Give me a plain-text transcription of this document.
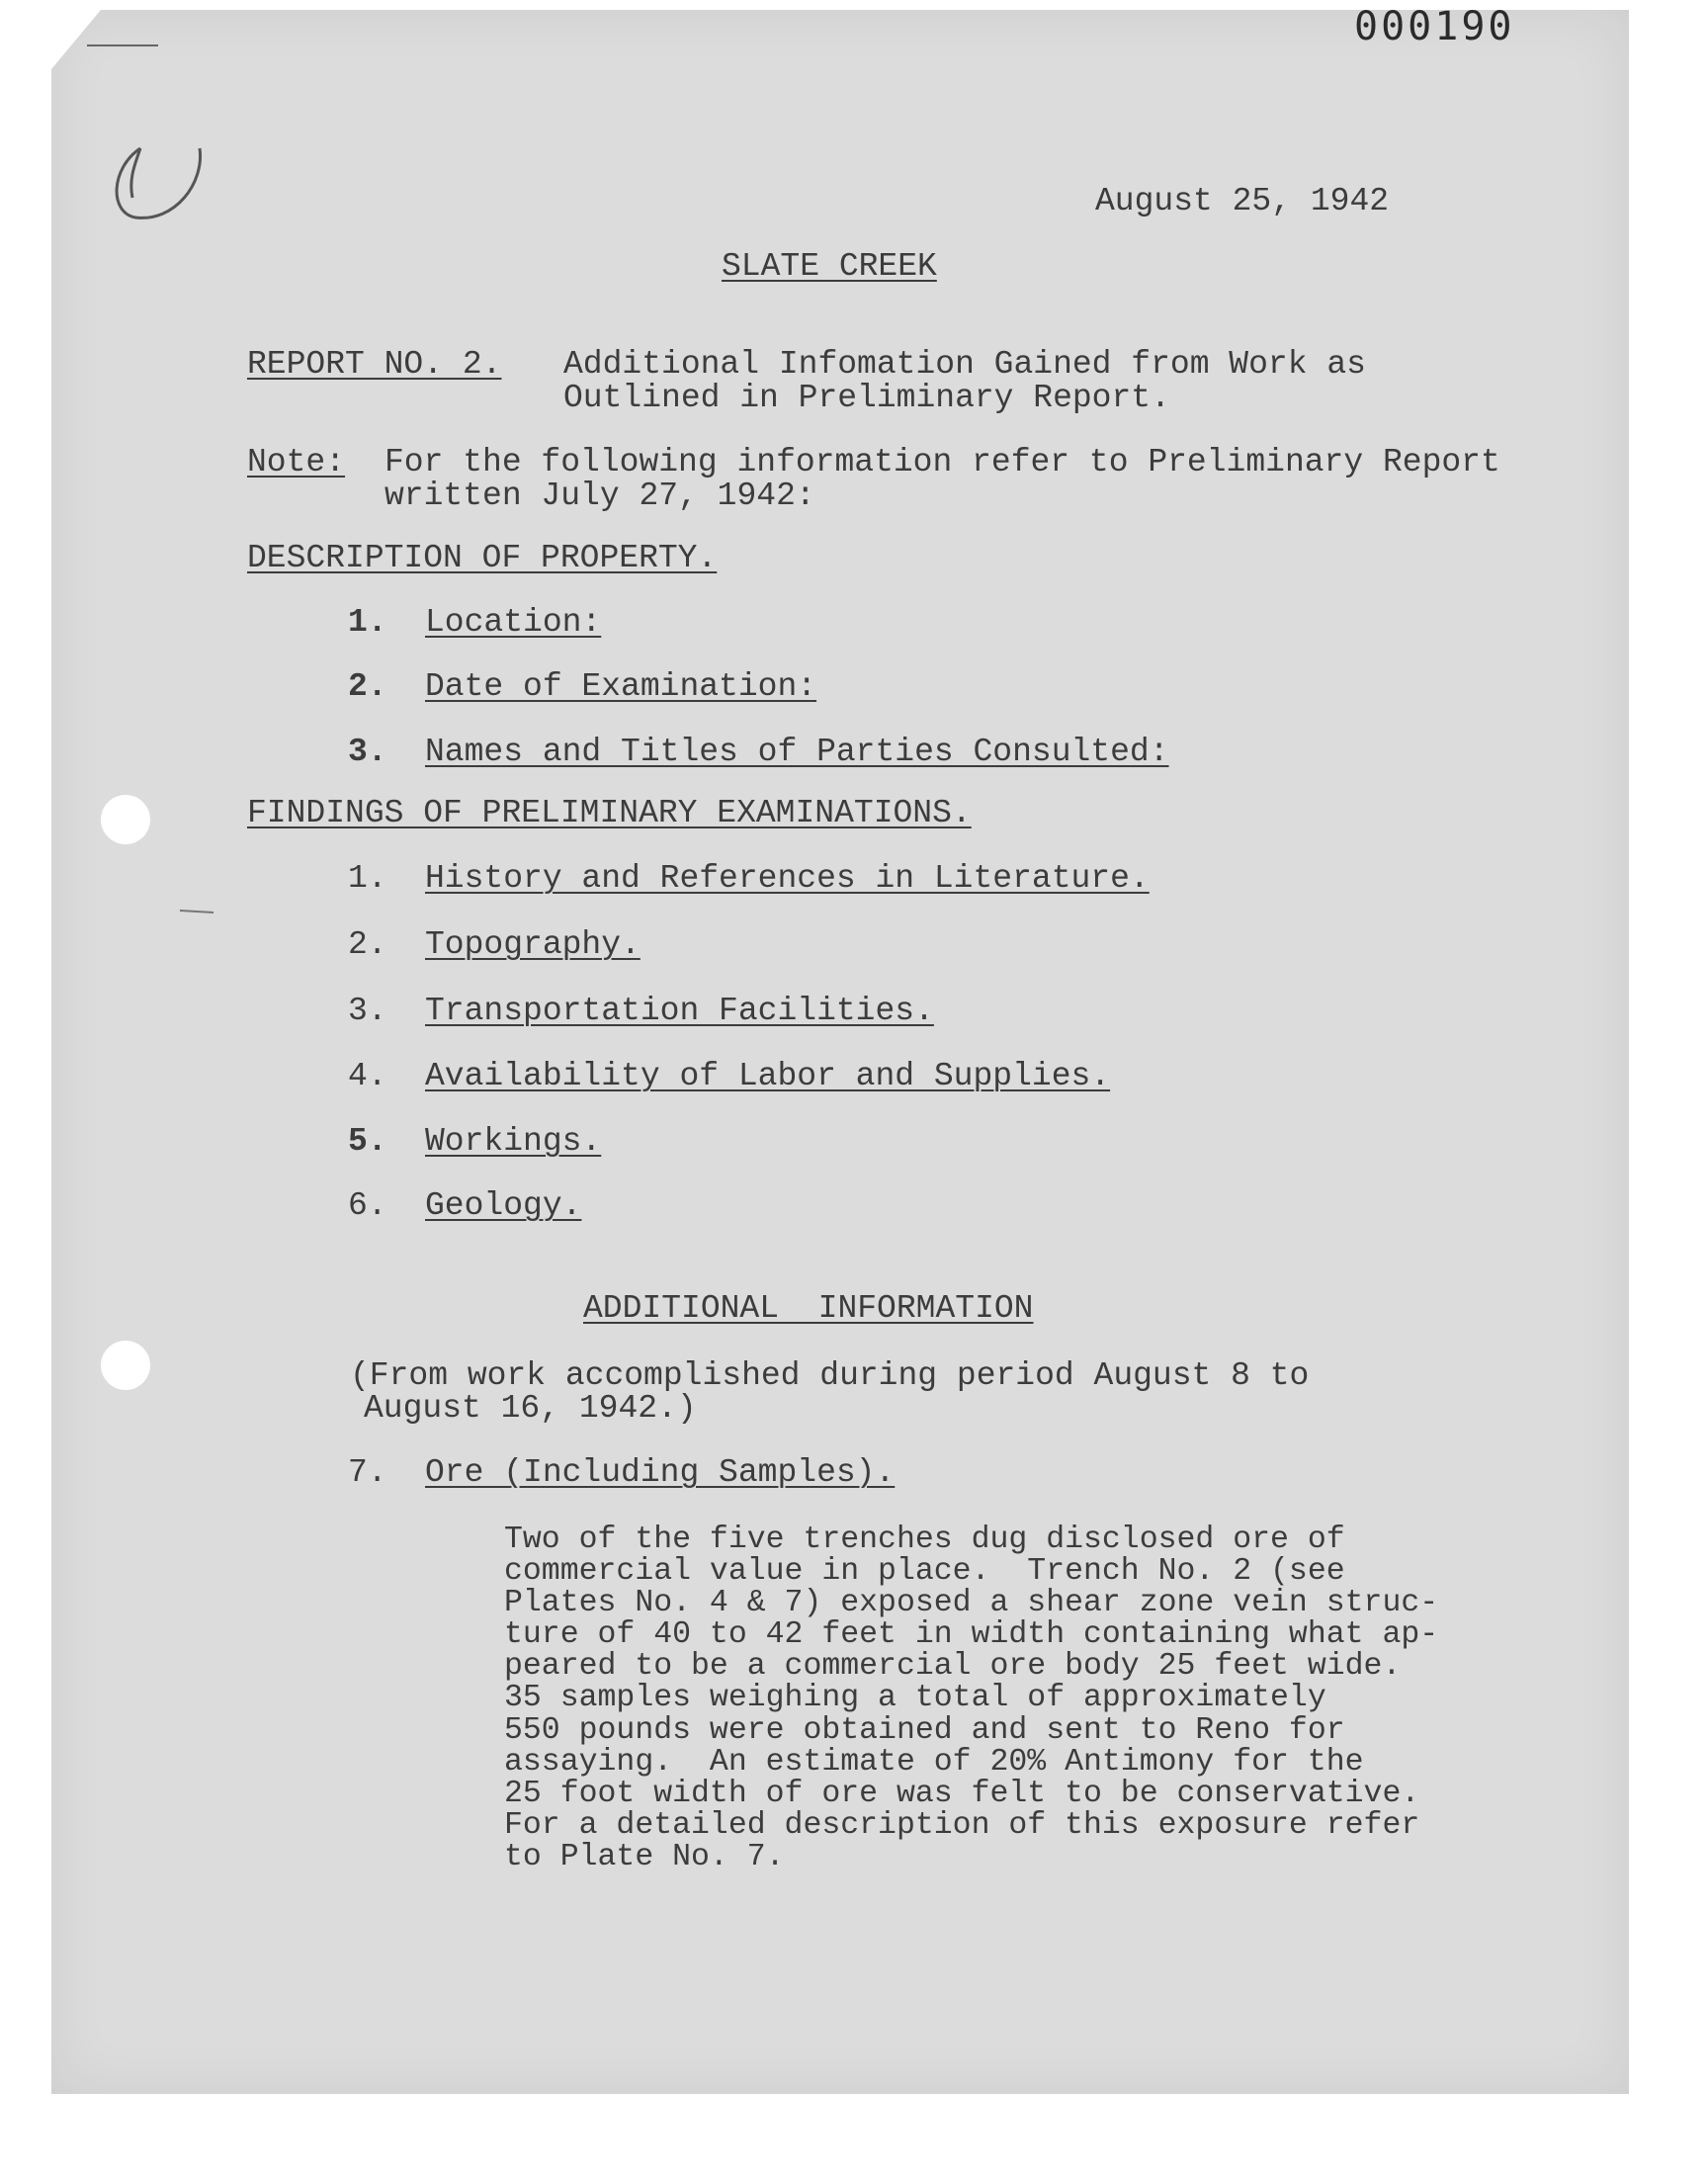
000190
August 25, 1942
SLATE CREEK
REPORT NO. 2. Additional Infomation Gained from Work as
Outlined in Preliminary Report.
Note: For the following information refer to Preliminary Report
written July 27, 1942:
DESCRIPTION OF PROPERTY.
1. Location:
2. Date of Examination:
3. Names and Titles of Parties Consulted:
FINDINGS OF PRELIMINARY EXAMINATIONS.
1. History and References in Literature.
2. Topography.
3. Transportation Facilities.
4. Availability of Labor and Supplies.
5. Workings.
6. Geology.
ADDITIONAL  INFORMATION
(From work accomplished during period August 8 to
August 16, 1942.)
7. Ore (Including Samples).
Two of the five trenches dug disclosed ore of
commercial value in place.  Trench No. 2 (see
Plates No. 4 & 7) exposed a shear zone vein struc-
ture of 40 to 42 feet in width containing what ap-
peared to be a commercial ore body 25 feet wide.
35 samples weighing a total of approximately
550 pounds were obtained and sent to Reno for
assaying.  An estimate of 20% Antimony for the
25 foot width of ore was felt to be conservative.
For a detailed description of this exposure refer
to Plate No. 7.
